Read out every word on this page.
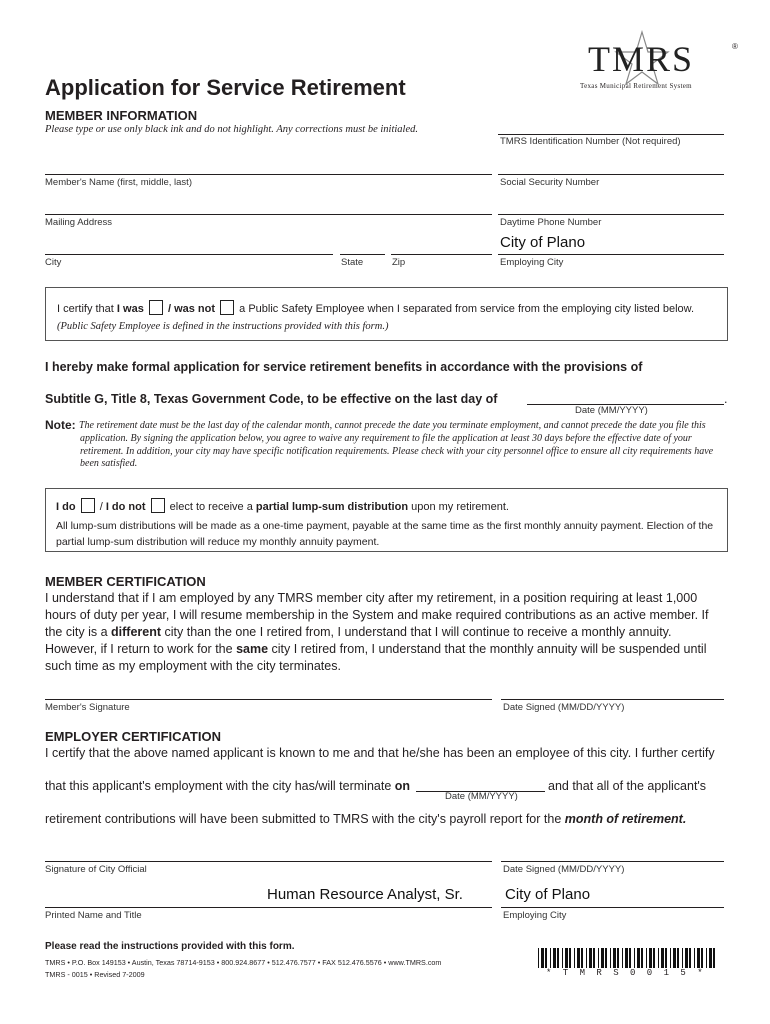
TMRS	®
Texas Municipal Retirement System
Application for Service Retirement
MEMBER INFORMATION
Please type or use only black ink and do not highlight. Any corrections must be initialed.
TMRS Identification Number (Not required)
Member's Name (first, middle, last)	Social Security Number
Mailing Address	Daytime Phone Number
City	State	Zip
City of Plano
Employing City
I certify that I was / was not a Public Safety Employee when I separated from service from the employing city listed below.
(Public Safety Employee is defined in the instructions provided with this form.)
I hereby make formal application for service retirement benefits in accordance with the provisions of
Subtitle G, Title 8, Texas Government Code, to be effective on the last day of	.
Date (MM/YYYY)
Note: The retirement date must be the last day of the calendar month, cannot precede the date you terminate employment, and cannot precede the date you file this application. By signing the application below, you agree to waive any requirement to file the application at least 30 days before the effective date of your retirement. In addition, your city may have specific notification requirements. Please check with your city personnel office to ensure all city requirements have been satisfied.
I do / I do not elect to receive a partial lump-sum distribution upon my retirement.
All lump-sum distributions will be made as a one-time payment, payable at the same time as the first monthly annuity payment. Election of the partial lump-sum distribution will reduce my monthly annuity payment.
MEMBER CERTIFICATION
I understand that if I am employed by any TMRS member city after my retirement, in a position requiring at least 1,000 hours of duty per year, I will resume membership in the System and make required contributions as an active member. If the city is a different city than the one I retired from, I understand that I will continue to receive a monthly annuity. However, if I return to work for the same city I retired from, I understand that the monthly annuity will be suspended until such time as my employment with the city terminates.
Member's Signature	Date Signed (MM/DD/YYYY)
EMPLOYER CERTIFICATION
I certify that the above named applicant is known to me and that he/she has been an employee of this city. I further certify
that this applicant's employment with the city has/will terminate on	and that all of the applicant's
Date (MM/YYYY)
retirement contributions will have been submitted to TMRS with the city's payroll report for the month of retirement.
Signature of City Official	Date Signed (MM/DD/YYYY)
Human Resource Analyst, Sr.
Printed Name and Title
City of Plano
Employing City
Please read the instructions provided with this form.
TMRS • P.O. Box 149153 • Austin, Texas 78714-9153 • 800.924.8677 • 512.476.7577 • FAX 512.476.5576 • www.TMRS.com
TMRS - 0015 • Revised 7-2009	* T M R S 0 0 1 5 *
